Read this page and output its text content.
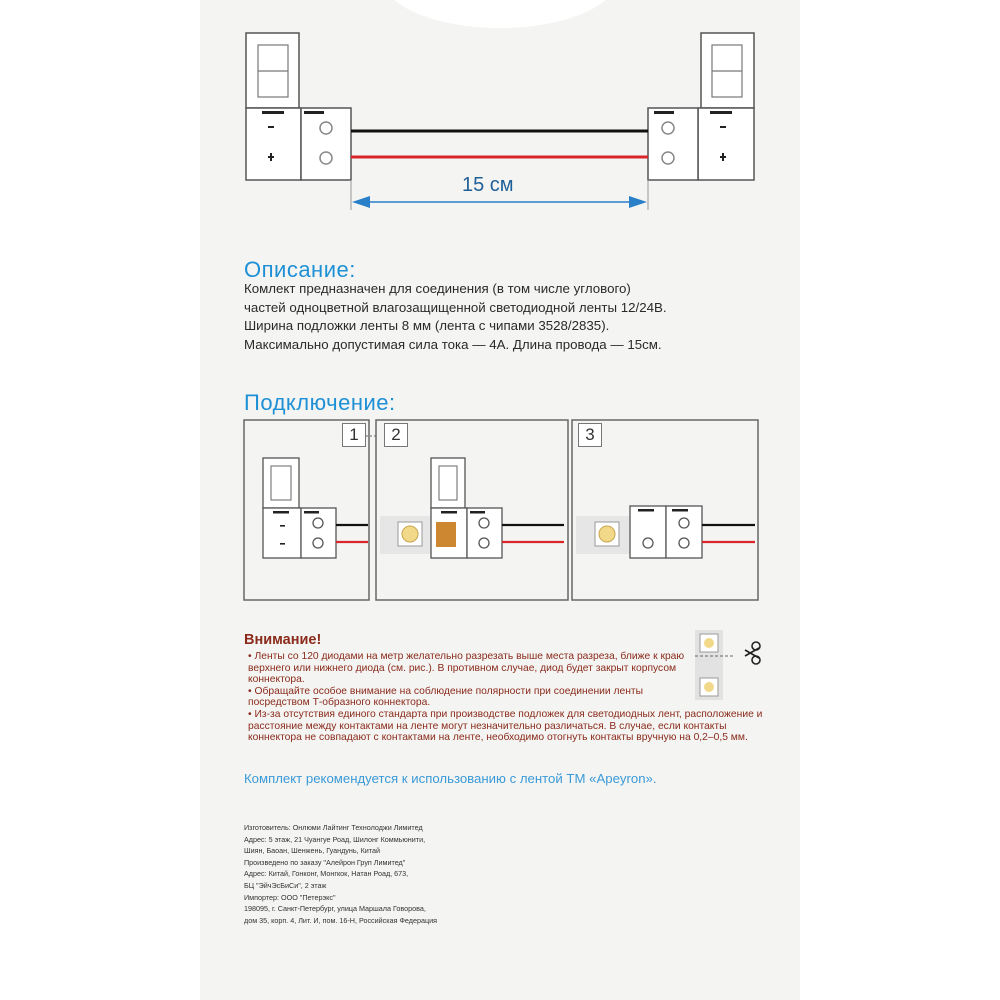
15 см
Описание:
Комлект предназначен для соединения (в том числе углового)
частей одноцветной влагозащищенной светодиодной ленты 12/24В.
Ширина подложки ленты 8 мм (лента с чипами 3528/2835).
Максимально допустимая сила тока — 4А. Длина провода — 15см.
Подключение:
1	2	3
Внимание!
• Ленты со 120 диодами на метр желательно разрезать выше места разреза, ближе к краю верхнего или нижнего диода (см. рис.). В противном случае, диод будет закрыт корпусом коннектора.
• Обращайте особое внимание на соблюдение полярности при соединении ленты посредством Т-образного коннектора.
• Из-за отсутствия единого стандарта при производстве подложек для светодиодных лент, расположение и расстояние между контактами на ленте могут незначительно различаться. В случае, если контакты коннектора не совпадают с контактами на ленте, необходимо отогнуть контакты вручную на 0,2–0,5 мм.
Комплект рекомендуется к использованию с лентой ТМ «Apeyron».
Изготовитель: Онлюми Лайтинг Технолоджи Лимитед
Адрес: 5 этаж, 21 Чуангуе Роад, Шилонг Коммьюнити,
Шиян, Баоан, Шенжень, Гуандунь, Китай
Произведено по заказу "Алейрон Груп Лимитед"
Адрес: Китай, Гонконг, Монгкок, Натан Роад, 673,
БЦ "ЭйчЭсБиСи", 2 этаж
Импортер: ООО "Петерэкс"
198095, г. Санкт-Петербург, улица Маршала Говорова,
дом 35, корп. 4, Лит. И, пом. 16-Н, Российская Федерация
